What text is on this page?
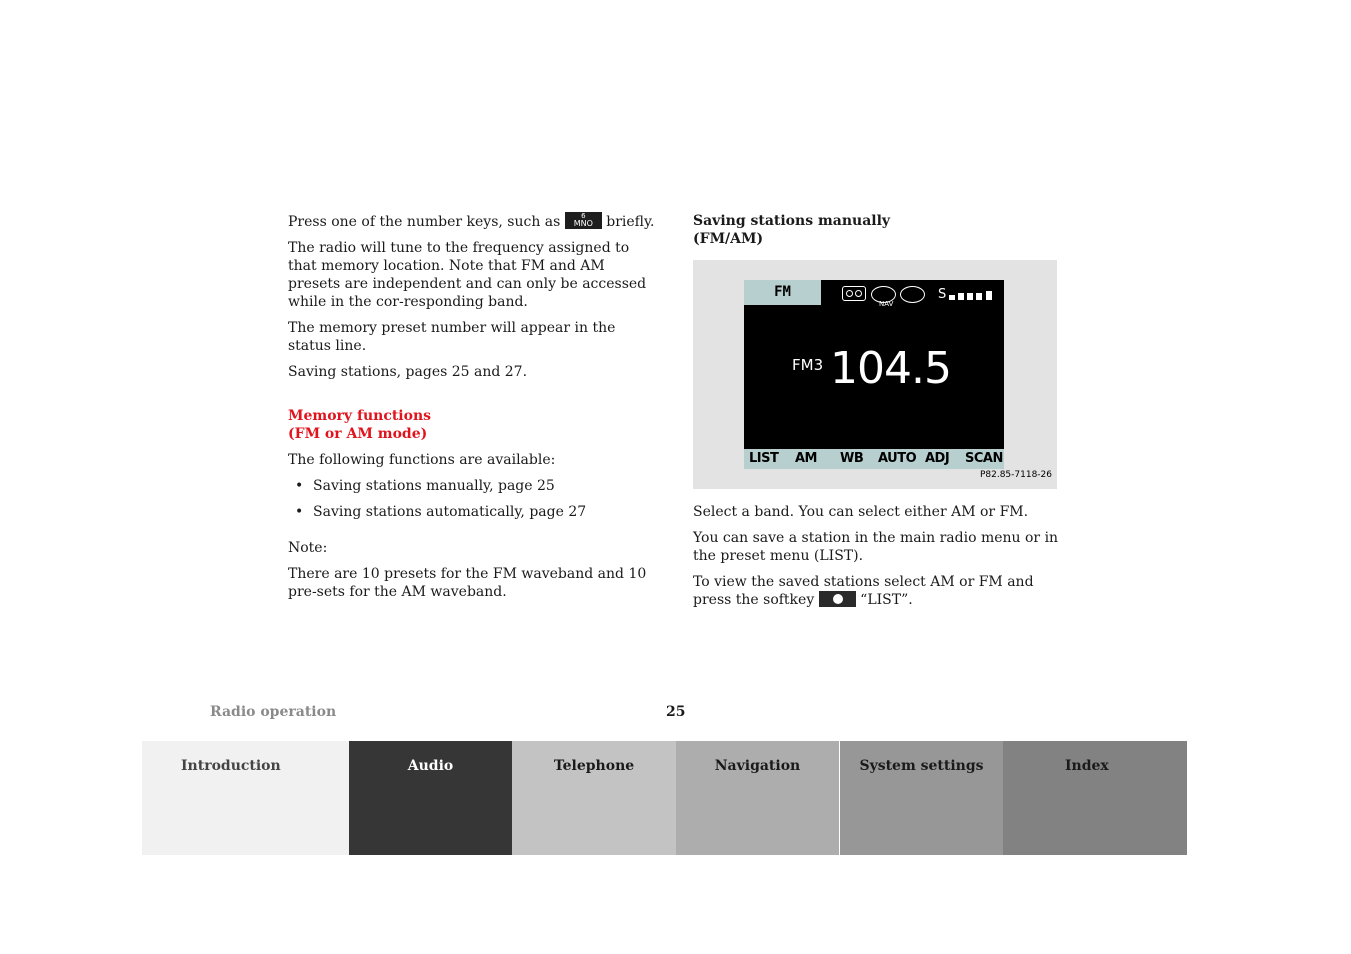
Press one of the number keys, such as	6
MNO briefly.

The radio will tune to the frequency assigned to that memory location. Note that FM and AM presets are independent and can only be accessed while in the cor-responding band.

The memory preset number will appear in the status line.

Saving stations, pages 25 and 27.

Memory functions
(FM or AM mode)

The following functions are available:

• Saving stations manually, page 25
• Saving stations automatically, page 27

Note:

There are 10 presets for the FM waveband and 10 pre-sets for the AM waveband.

Saving stations manually
(FM/AM)
FM
NAV
S
FM3 104.5
LIST AM WB AUTO ADJ SCAN
P82.85-7118-26

Select a band. You can select either AM or FM.

You can save a station in the main radio menu or in the preset menu (LIST).

To view the saved stations select AM or FM and press the softkey	“LIST”.

Radio operation	25
Introduction	Audio	Telephone	Navigation	System settings	Index
